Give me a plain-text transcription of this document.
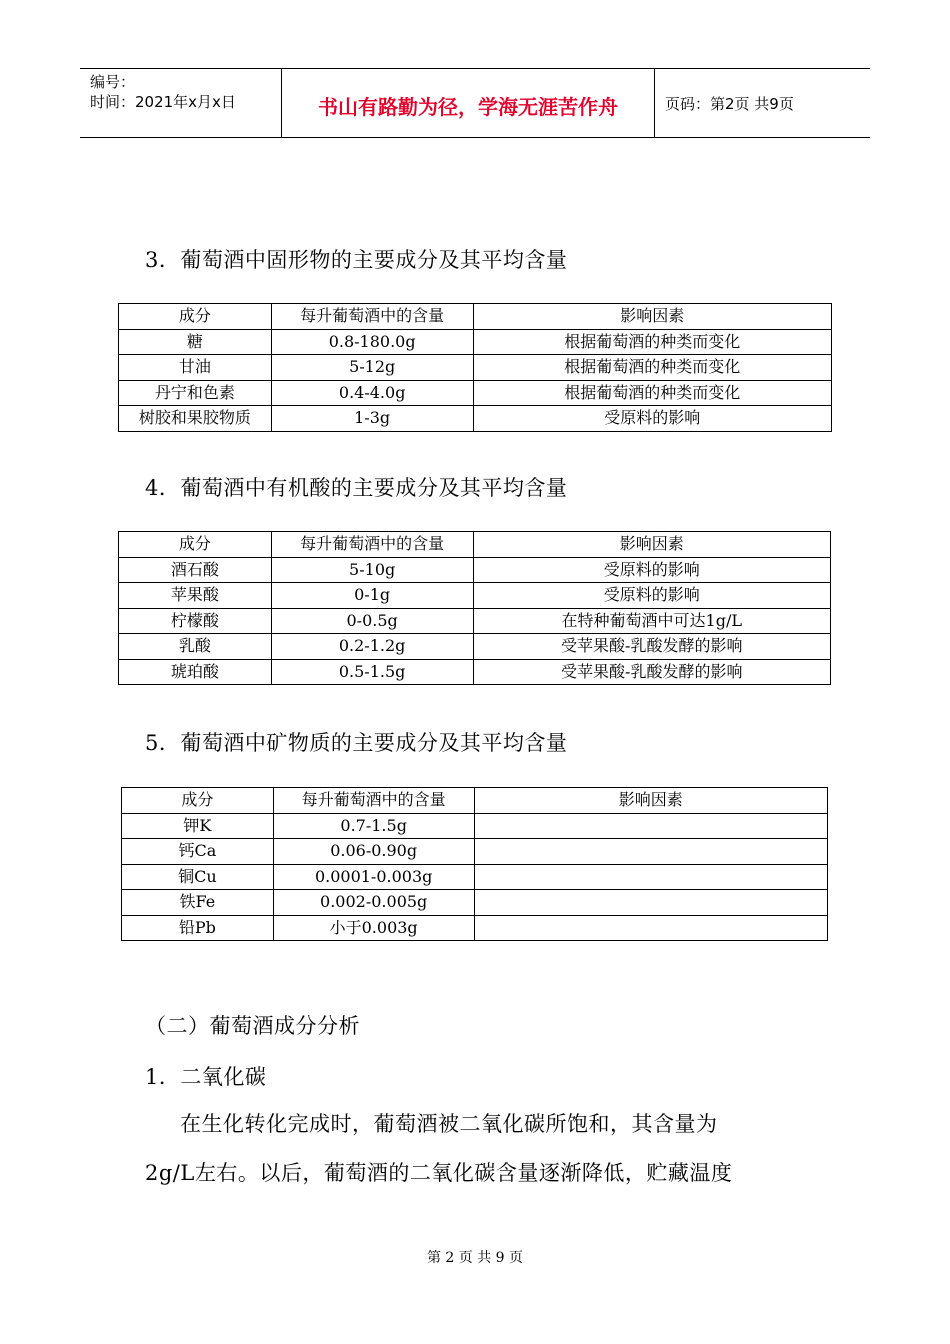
编号：
时间：2021年x月x日	书山有路勤为径，学海无涯苦作舟	页码：第2页 共9页
3．葡萄酒中固形物的主要成分及其平均含量
成分	每升葡萄酒中的含量	影响因素
糖	0.8-180.0g	根据葡萄酒的种类而变化
甘油	5-12g	根据葡萄酒的种类而变化
丹宁和色素	0.4-4.0g	根据葡萄酒的种类而变化
树胶和果胶物质	1-3g	受原料的影响
4．葡萄酒中有机酸的主要成分及其平均含量
成分	每升葡萄酒中的含量	影响因素
酒石酸	5-10g	受原料的影响
苹果酸	0-1g	受原料的影响
柠檬酸	0-0.5g	在特种葡萄酒中可达1g/L
乳酸	0.2-1.2g	受苹果酸-乳酸发酵的影响
琥珀酸	0.5-1.5g	受苹果酸-乳酸发酵的影响
5．葡萄酒中矿物质的主要成分及其平均含量
成分	每升葡萄酒中的含量	影响因素
钾K	0.7-1.5g	
钙Ca	0.06-0.90g	
铜Cu	0.0001-0.003g	
铁Fe	0.002-0.005g	
铅Pb	小于0.003g	
（二）葡萄酒成分分析
1．二氧化碳
在生化转化完成时，葡萄酒被二氧化碳所饱和，其含量为
2g/L左右。以后，葡萄酒的二氧化碳含量逐渐降低，贮藏温度
第 2 页 共 9 页
